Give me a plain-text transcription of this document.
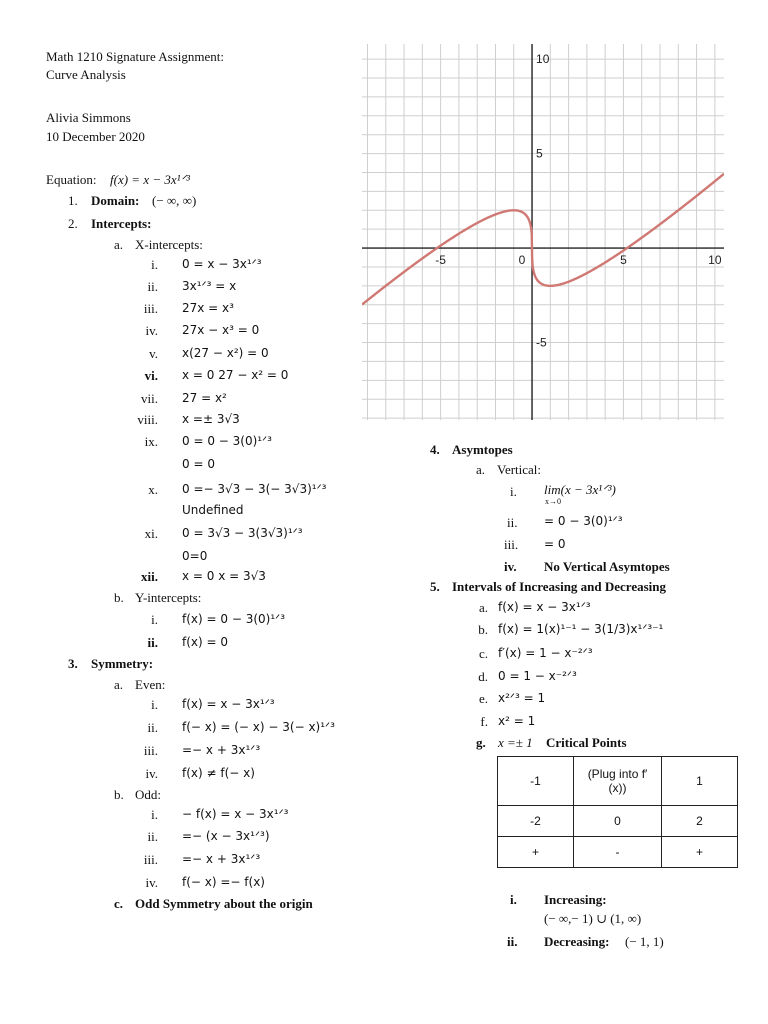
Math 1210 Signature Assignment:
Curve Analysis
Alivia Simmons
10 December 2020
Equation: f(x) = x − 3x¹ᐟ³
1. Domain: (− ∞, ∞)
2. Intercepts:
a. X-intercepts:
i. 0 = x − 3x¹ᐟ³
ii. 3x¹ᐟ³ = x
iii. 27x = x³
iv. 27x − x³ = 0
v. x(27 − x²) = 0
vi. x = 0 27 − x² = 0
vii. 27 = x²
viii. x =± 3√3
ix. 0 = 0 − 3(0)¹ᐟ³
0 = 0
x. 0 =− 3√3 − 3(− 3√3)¹ᐟ³
Undefined
xi. 0 = 3√3 − 3(3√3)¹ᐟ³
0=0
xii. x = 0 x = 3√3
b. Y-intercepts:
i. f(x) = 0 − 3(0)¹ᐟ³
ii. f(x) = 0
3. Symmetry:
a. Even:
i. f(x) = x − 3x¹ᐟ³
ii. f(− x) = (− x) − 3(− x)¹ᐟ³
iii. =− x + 3x¹ᐟ³
iv. f(x) ≠ f(− x)
b. Odd:
i. − f(x) = x − 3x¹ᐟ³
ii. =− (x − 3x¹ᐟ³)
iii. =− x + 3x¹ᐟ³
iv. f(− x) =− f(x)
c. Odd Symmetry about the origin
-5	0	5	10
10
5
-5
4. Asymtopes
a. Vertical:
i. lim(x − 3x¹ᐟ³)
x→0
ii. = 0 − 3(0)¹ᐟ³
iii. = 0
iv. No Vertical Asymtopes
5. Intervals of Increasing and Decreasing
a. f(x) = x − 3x¹ᐟ³
b. f(x) = 1(x)¹⁻¹ − 3(1/3)x¹ᐟ³⁻¹
c. f′(x) = 1 − x⁻²ᐟ³
d. 0 = 1 − x⁻²ᐟ³
e. x²ᐟ³ = 1
f. x² = 1
g. x =± 1 Critical Points
-1	(Plug into f′(x))	1
-2	0	2
+	-	+
i. Increasing:
(− ∞,− 1) ∪ (1, ∞)
ii. Decreasing: (− 1, 1)
